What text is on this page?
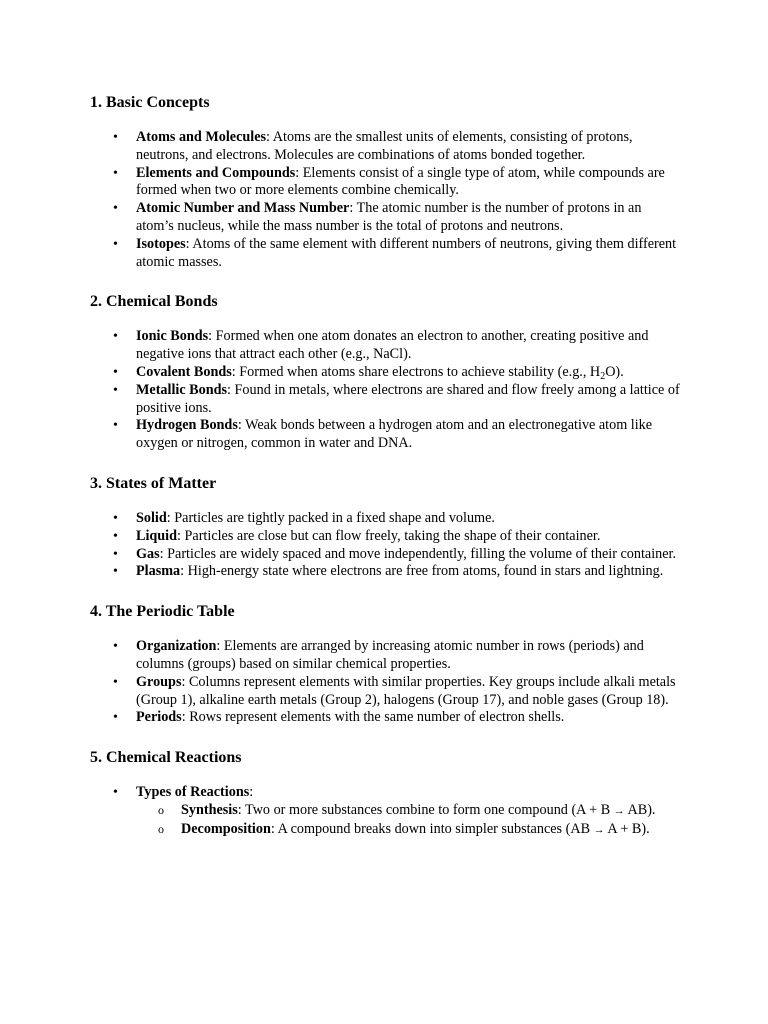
1. Basic Concepts
• Atoms and Molecules: Atoms are the smallest units of elements, consisting of protons, neutrons, and electrons. Molecules are combinations of atoms bonded together.
• Elements and Compounds: Elements consist of a single type of atom, while compounds are formed when two or more elements combine chemically.
• Atomic Number and Mass Number: The atomic number is the number of protons in an atom’s nucleus, while the mass number is the total of protons and neutrons.
• Isotopes: Atoms of the same element with different numbers of neutrons, giving them different atomic masses.
2. Chemical Bonds
• Ionic Bonds: Formed when one atom donates an electron to another, creating positive and negative ions that attract each other (e.g., NaCl).
• Covalent Bonds: Formed when atoms share electrons to achieve stability (e.g., $H_2O$).
• Metallic Bonds: Found in metals, where electrons are shared and flow freely among a lattice of positive ions.
• Hydrogen Bonds: Weak bonds between a hydrogen atom and an electronegative atom like oxygen or nitrogen, common in water and DNA.
3. States of Matter
• Solid: Particles are tightly packed in a fixed shape and volume.
• Liquid: Particles are close but can flow freely, taking the shape of their container.
• Gas: Particles are widely spaced and move independently, filling the volume of their container.
• Plasma: High-energy state where electrons are free from atoms, found in stars and lightning.
4. The Periodic Table
• Organization: Elements are arranged by increasing atomic number in rows (periods) and columns (groups) based on similar chemical properties.
• Groups: Columns represent elements with similar properties. Key groups include alkali metals (Group 1), alkaline earth metals (Group 2), halogens (Group 17), and noble gases (Group 18).
• Periods: Rows represent elements with the same number of electron shells.
5. Chemical Reactions
• Types of Reactions:
o Synthesis: Two or more substances combine to form one compound (A + B → AB).
o Decomposition: A compound breaks down into simpler substances (AB → A + B).
